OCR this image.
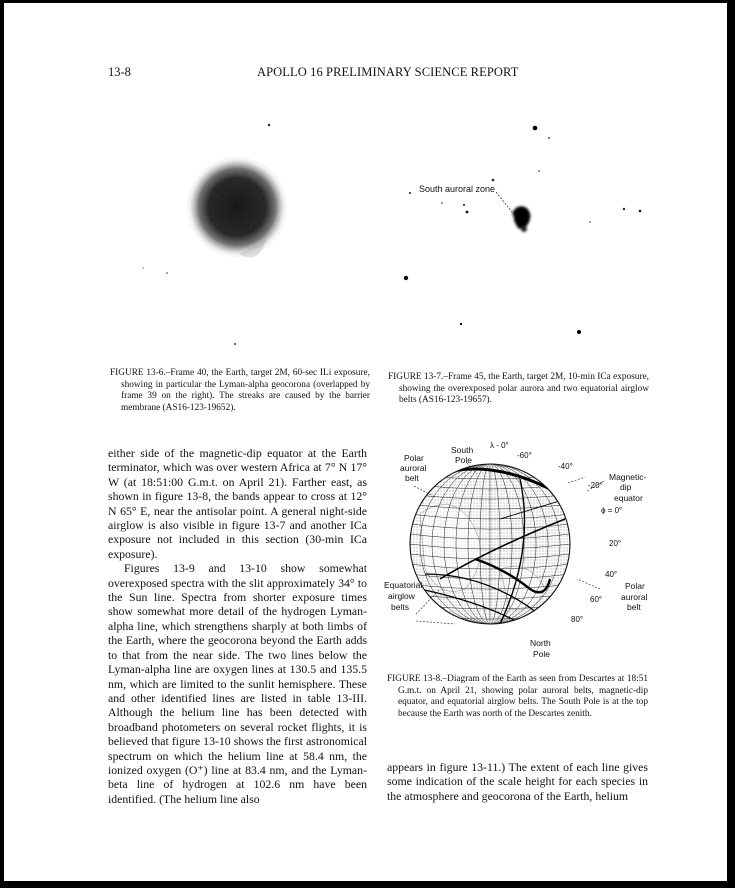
13-8	APOLLO 16 PRELIMINARY SCIENCE REPORT
South auroral zone
FIGURE 13-6.–Frame 40, the Earth, target 2M, 60-sec ILi exposure, showing in particular the Lyman-alpha geocorona (overlapped by frame 39 on the right). The streaks are caused by the barrier membrane (AS16-123-19652).
FIGURE 13-7.–Frame 45, the Earth, target 2M, 10-min ICa exposure, showing the overexposed polar aurora and two equatorial airglow belts (AS16-123-19657).

either side of the magnetic-dip equator at the Earth terminator, which was over western Africa at 7° N 17° W (at 18:51:00 G.m.t. on April 21). Farther east, as shown in figure 13-8, the bands appear to cross at 12° N 65° E, near the antisolar point. A general night-side airglow is also visible in figure 13-7 and another ICa exposure not included in this section (30-min ICa exposure).

Figures 13-9 and 13-10 show somewhat overexposed spectra with the slit approximately 34° to the Sun line. Spectra from shorter exposure times show somewhat more detail of the hydrogen Lyman-alpha line, which strengthens sharply at both limbs of the Earth, where the geocorona beyond the Earth adds to that from the near side. The two lines below the Lyman-alpha line are oxygen lines at 130.5 and 135.5 nm, which are limited to the sunlit hemisphere. These and other identified lines are listed in table 13-III. Although the helium line has been detected with broadband photometers on several rocket flights, it is believed that figure 13-10 shows the first astronomical spectrum on which the helium line at 58.4 nm, the ionized oxygen (O⁺) line at 83.4 nm, and the Lyman-beta line of hydrogen at 102.6 nm have been identified. (The helium line also

South Pole
λ - 0°
Polar auroral belt
-60°
-40°
-20°
Magnetic- dip equator
ϕ = 0°
20°
40°
60°
80°
Polar auroral belt
Equatorial airglow belts
North Pole
FIGURE 13-8.–Diagram of the Earth as seen from Descartes at 18:51 G.m.t. on April 21, showing polar auroral belts, magnetic-dip equator, and equatorial airglow belts. The South Pole is at the top because the Earth was north of the Descartes zenith.

appears in figure 13-11.) The extent of each line gives some indication of the scale height for each species in the atmosphere and geocorona of the Earth, helium
